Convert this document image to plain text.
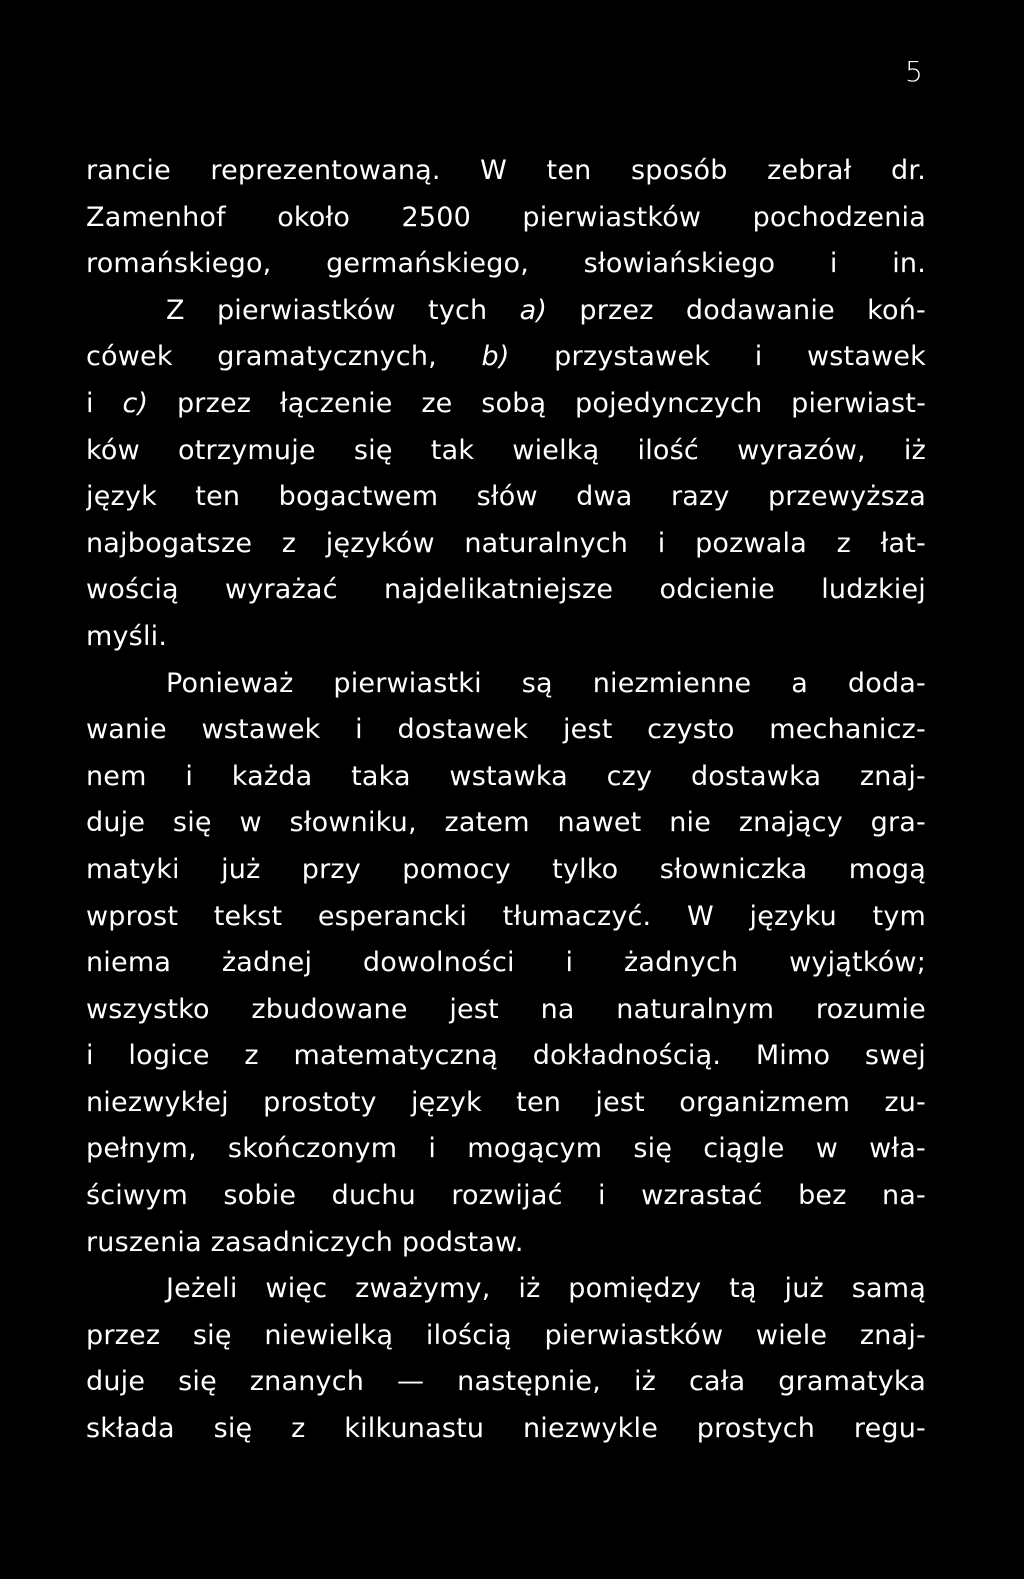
5
rancie reprezentowaną. W ten sposób zebrał dr.
Zamenhof około 2500 pierwiastków pochodzenia
romańskiego, germańskiego, słowiańskiego i in.
Z pierwiastków tych a) przez dodawanie koń-
cówek gramatycznych, b) przystawek i wstawek
i c) przez łączenie ze sobą pojedynczych pierwiast-
ków otrzymuje się tak wielką ilość wyrazów, iż
język ten bogactwem słów dwa razy przewyższa
najbogatsze z języków naturalnych i pozwala z łat-
wością wyrażać najdelikatniejsze odcienie ludzkiej
myśli.
Ponieważ pierwiastki są niezmienne a doda-
wanie wstawek i dostawek jest czysto mechanicz-
nem i każda taka wstawka czy dostawka znaj-
duje się w słowniku, zatem nawet nie znający gra-
matyki już przy pomocy tylko słowniczka mogą
wprost tekst esperancki tłumaczyć. W języku tym
niema żadnej dowolności i żadnych wyjątków;
wszystko zbudowane jest na naturalnym rozumie
i logice z matematyczną dokładnością. Mimo swej
niezwykłej prostoty język ten jest organizmem zu-
pełnym, skończonym i mogącym się ciągle w wła-
ściwym sobie duchu rozwijać i wzrastać bez na-
ruszenia zasadniczych podstaw.
Jeżeli więc zważymy, iż pomiędzy tą już samą
przez się niewielką ilością pierwiastków wiele znaj-
duje się znanych — następnie, iż cała gramatyka
składa się z kilkunastu niezwykle prostych regu-
